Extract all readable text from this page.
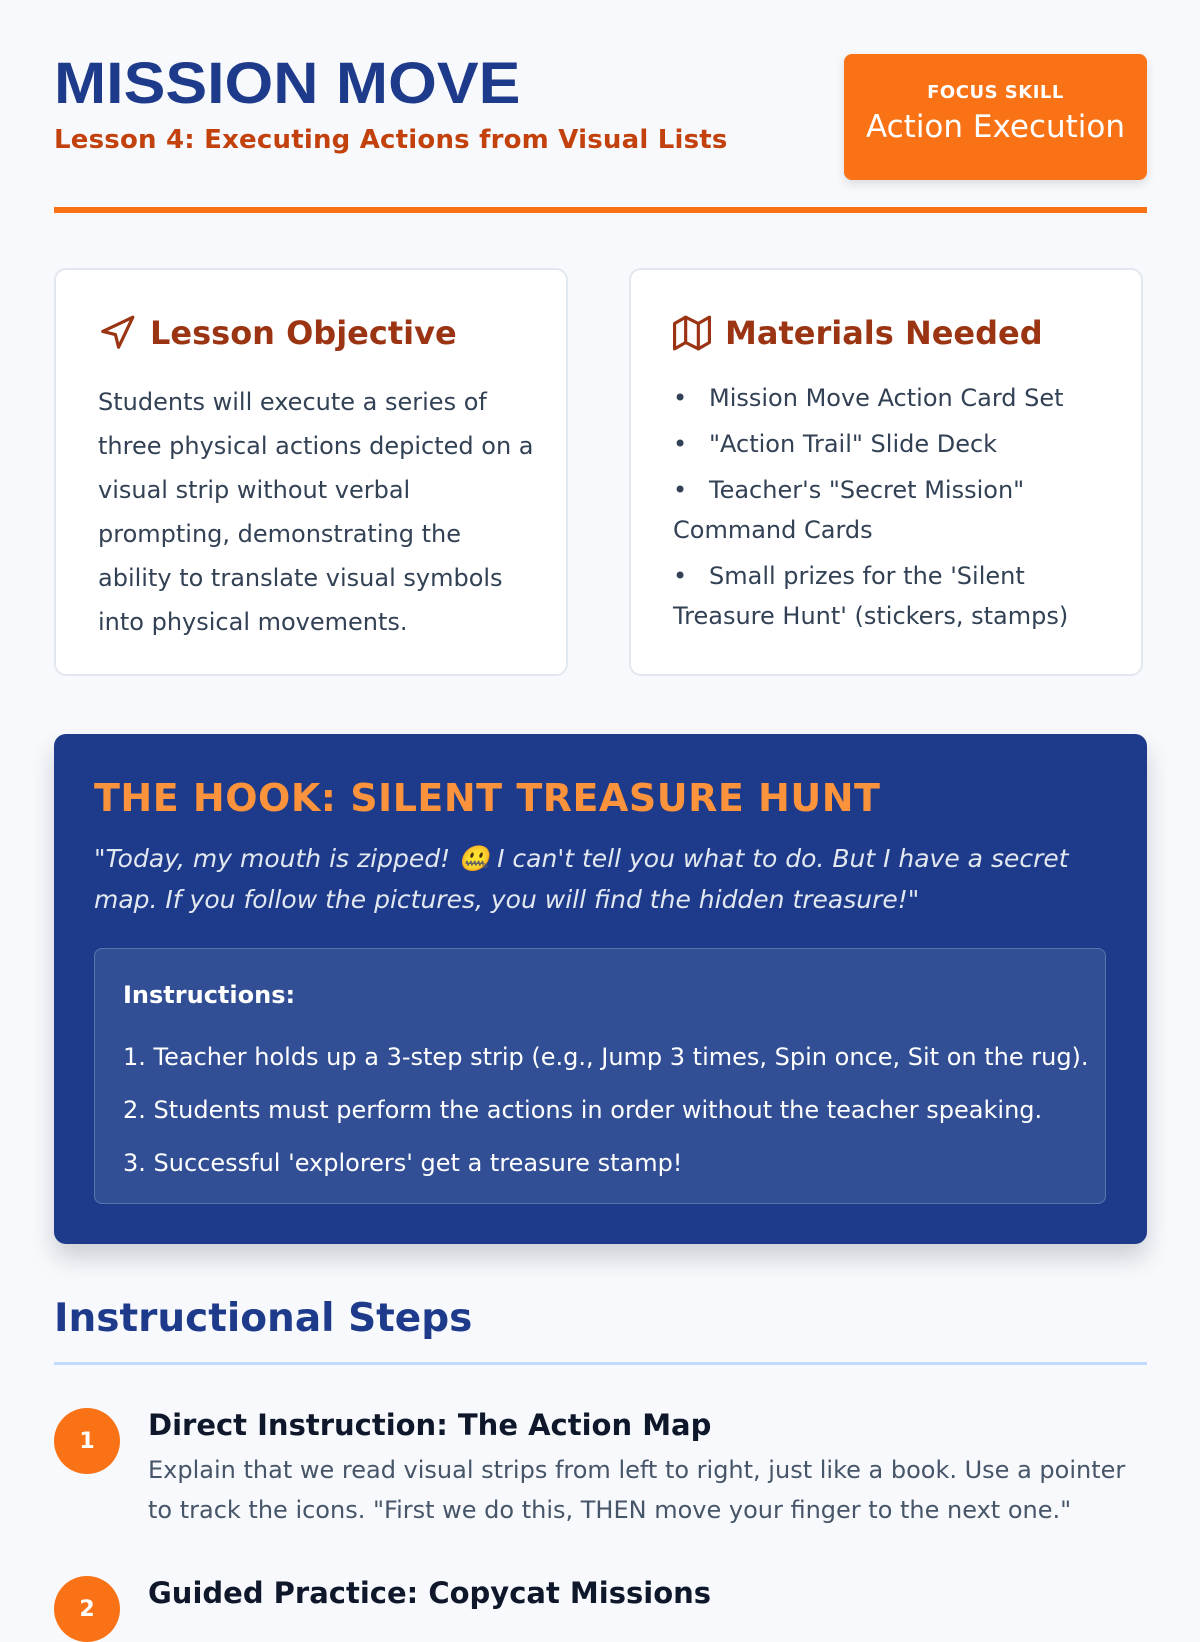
MISSION MOVE
Lesson 4: Executing Actions from Visual Lists
FOCUS SKILL
Action Execution
Lesson Objective

Students will execute a series of three physical actions depicted on a visual strip without verbal prompting, demonstrating the ability to translate visual symbols into physical movements.

Materials Needed
• Mission Move Action Card Set
• "Action Trail" Slide Deck
• Teacher's "Secret Mission" Command Cards
• Small prizes for the 'Silent Treasure Hunt' (stickers, stamps)
THE HOOK: SILENT TREASURE HUNT

"Today, my mouth is zipped! 🤐 I can't tell you what to do. But I have a secret map. If you follow the pictures, you will find the hidden treasure!"

Instructions:
1. Teacher holds up a 3-step strip (e.g., Jump 3 times, Spin once, Sit on the rug).
2. Students must perform the actions in order without the teacher speaking.
3. Successful 'explorers' get a treasure stamp!
Instructional Steps
1	Direct Instruction: The Action Map

Explain that we read visual strips from left to right, just like a book. Use a pointer to track the icons. "First we do this, THEN move your finger to the next one."

2	Guided Practice: Copycat Missions
